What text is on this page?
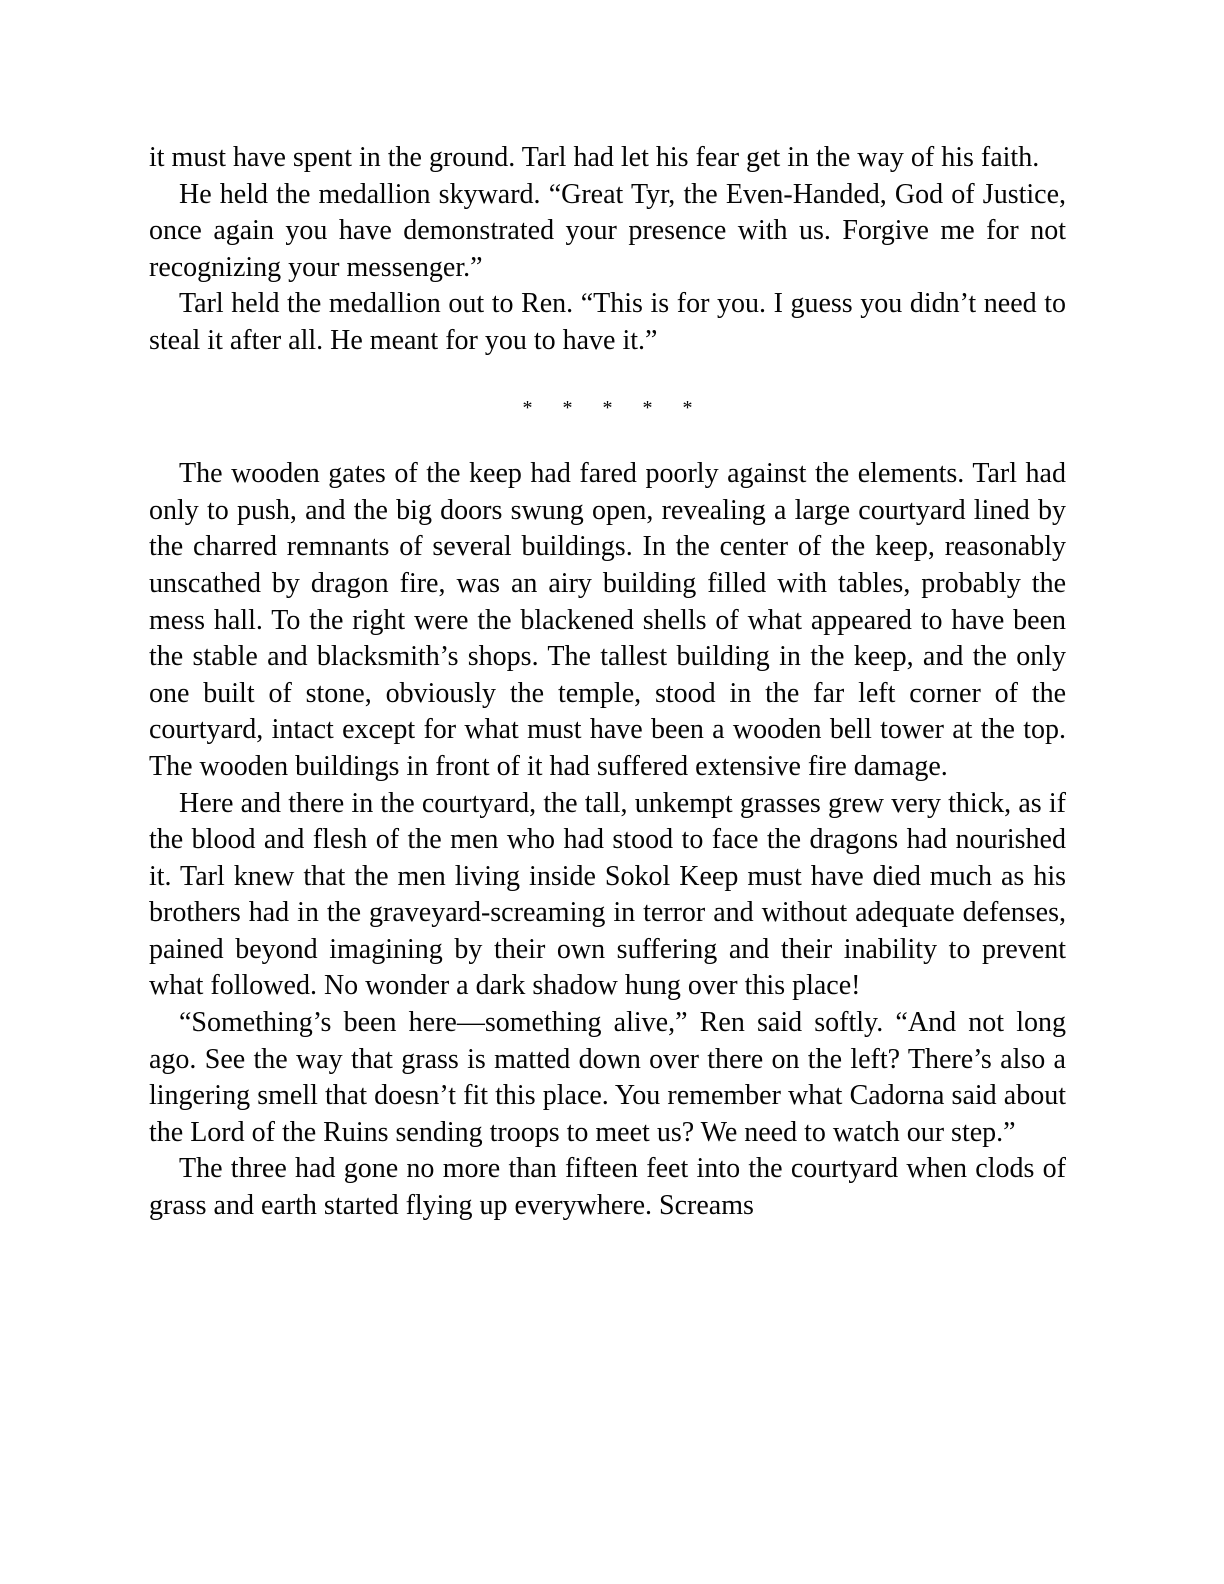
it must have spent in the ground. Tarl had let his fear get in the way of his faith.

He held the medallion skyward. “Great Tyr, the Even-Handed, God of Justice, once again you have demonstrated your presence with us. Forgive me for not recognizing your messenger.”

Tarl held the medallion out to Ren. “This is for you. I guess you didn’t need to steal it after all. He meant for you to have it.”

* * * * *

The wooden gates of the keep had fared poorly against the elements. Tarl had only to push, and the big doors swung open, revealing a large courtyard lined by the charred remnants of several buildings. In the center of the keep, reasonably unscathed by dragon fire, was an airy building filled with tables, probably the mess hall. To the right were the blackened shells of what appeared to have been the stable and blacksmith’s shops. The tallest building in the keep, and the only one built of stone, obviously the temple, stood in the far left corner of the courtyard, intact except for what must have been a wooden bell tower at the top. The wooden buildings in front of it had suffered extensive fire damage.

Here and there in the courtyard, the tall, unkempt grasses grew very thick, as if the blood and flesh of the men who had stood to face the dragons had nourished it. Tarl knew that the men living inside Sokol Keep must have died much as his brothers had in the graveyard-screaming in terror and without adequate defenses, pained beyond imagining by their own suffering and their inability to prevent what followed. No wonder a dark shadow hung over this place!

“Something’s been here—something alive,” Ren said softly. “And not long ago. See the way that grass is matted down over there on the left? There’s also a lingering smell that doesn’t fit this place. You remember what Cadorna said about the Lord of the Ruins sending troops to meet us? We need to watch our step.”

The three had gone no more than fifteen feet into the courtyard when clods of grass and earth started flying up everywhere. Screams
